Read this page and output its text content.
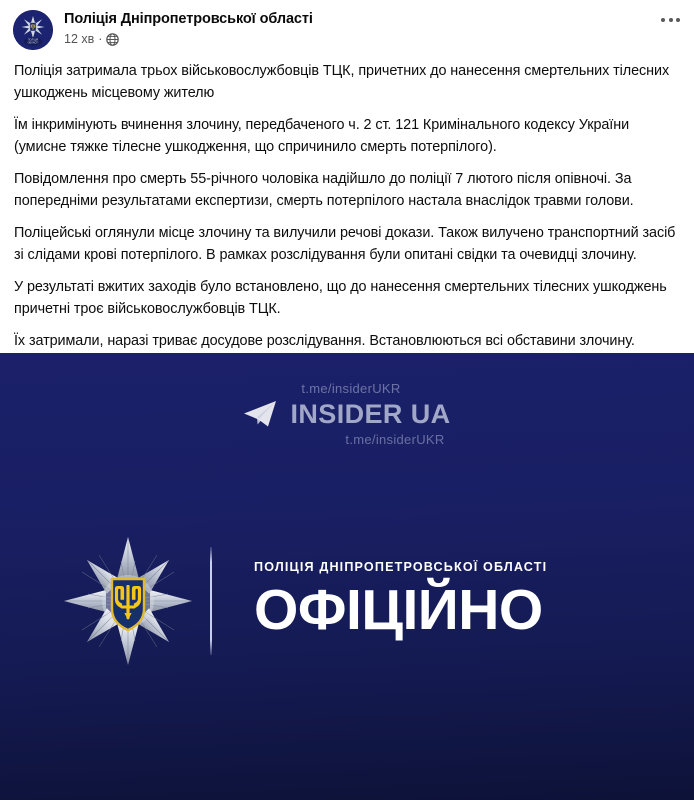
ПОЛІЦІЯ
ОБЛАСТІ
Поліція Дніпропетровської області
12 хв ·

Поліція затримала трьох військовослужбовців ТЦК, причетних до нанесення смертельних тілесних ушкоджень місцевому жителю

Їм інкримінують вчинення злочину, передбаченого ч. 2 ст. 121 Кримінального кодексу України (умисне тяжке тілесне ушкодження, що спричинило смерть потерпілого).

Повідомлення про смерть 55-річного чоловіка надійшло до поліції 7 лютого після опівночі. За попередніми результатами експертизи, смерть потерпілого настала внаслідок травми голови.

Поліцейські оглянули місце злочину та вилучили речові докази. Також вилучено транспортний засіб зі слідами крові потерпілого. В рамках розслідування були опитані свідки та очевидці злочину.

У результаті вжитих заходів було встановлено, що до нанесення смертельних тілесних ушкоджень причетні троє військовослужбовців ТЦК.

Їх затримали, наразі триває досудове розслідування. Встановлюються всі обставини злочину.

t.me/insiderUKR
INSIDER UA
t.me/insiderUKR
ПОЛІЦІЯ ДНІПРОПЕТРОВСЬКОЇ ОБЛАСТІ
ОФІЦІЙНО
